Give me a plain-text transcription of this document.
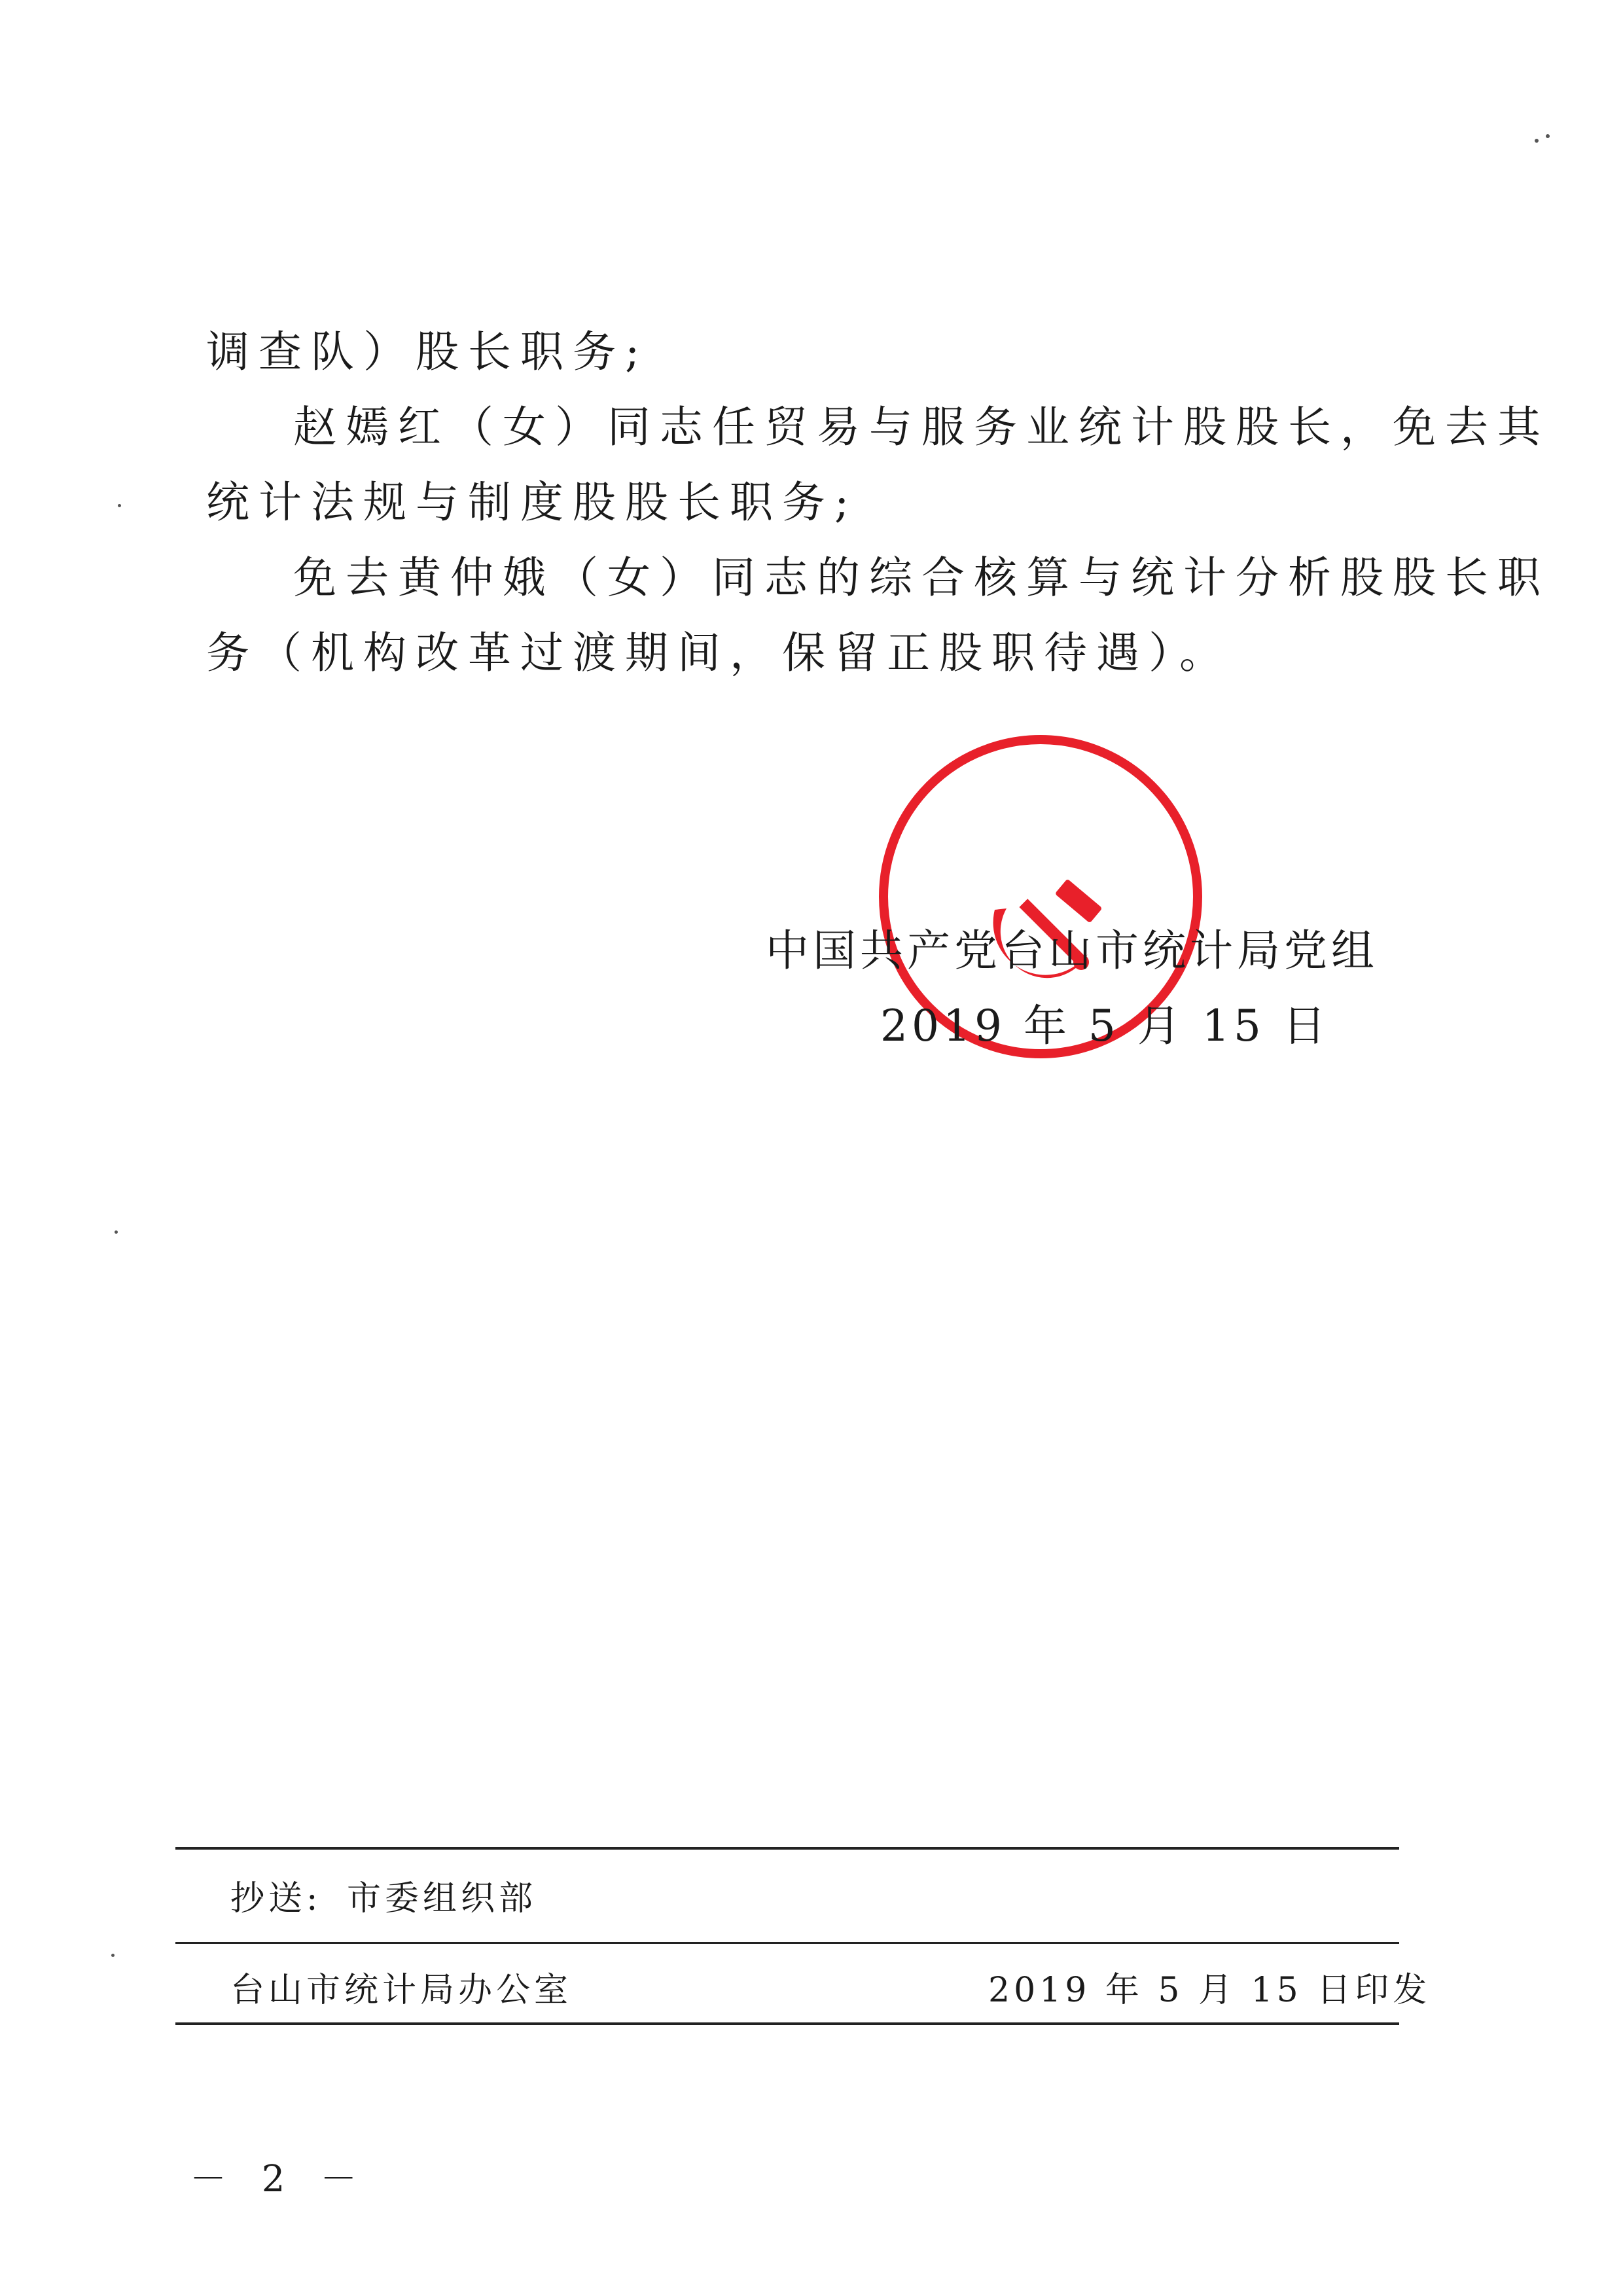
调查队）股长职务;
赵嫣红（女）同志任贸易与服务业统计股股长，免去其
统计法规与制度股股长职务;
免去黄仲娥（女）同志的综合核算与统计分析股股长职
务（机构改革过渡期间，保留正股职待遇）。
中国共产党台山市统计局党组
2019 年 5 月 15 日
抄送: 市委组织部
台山市统计局办公室	2019 年 5 月 15 日印发
－ 2 －
